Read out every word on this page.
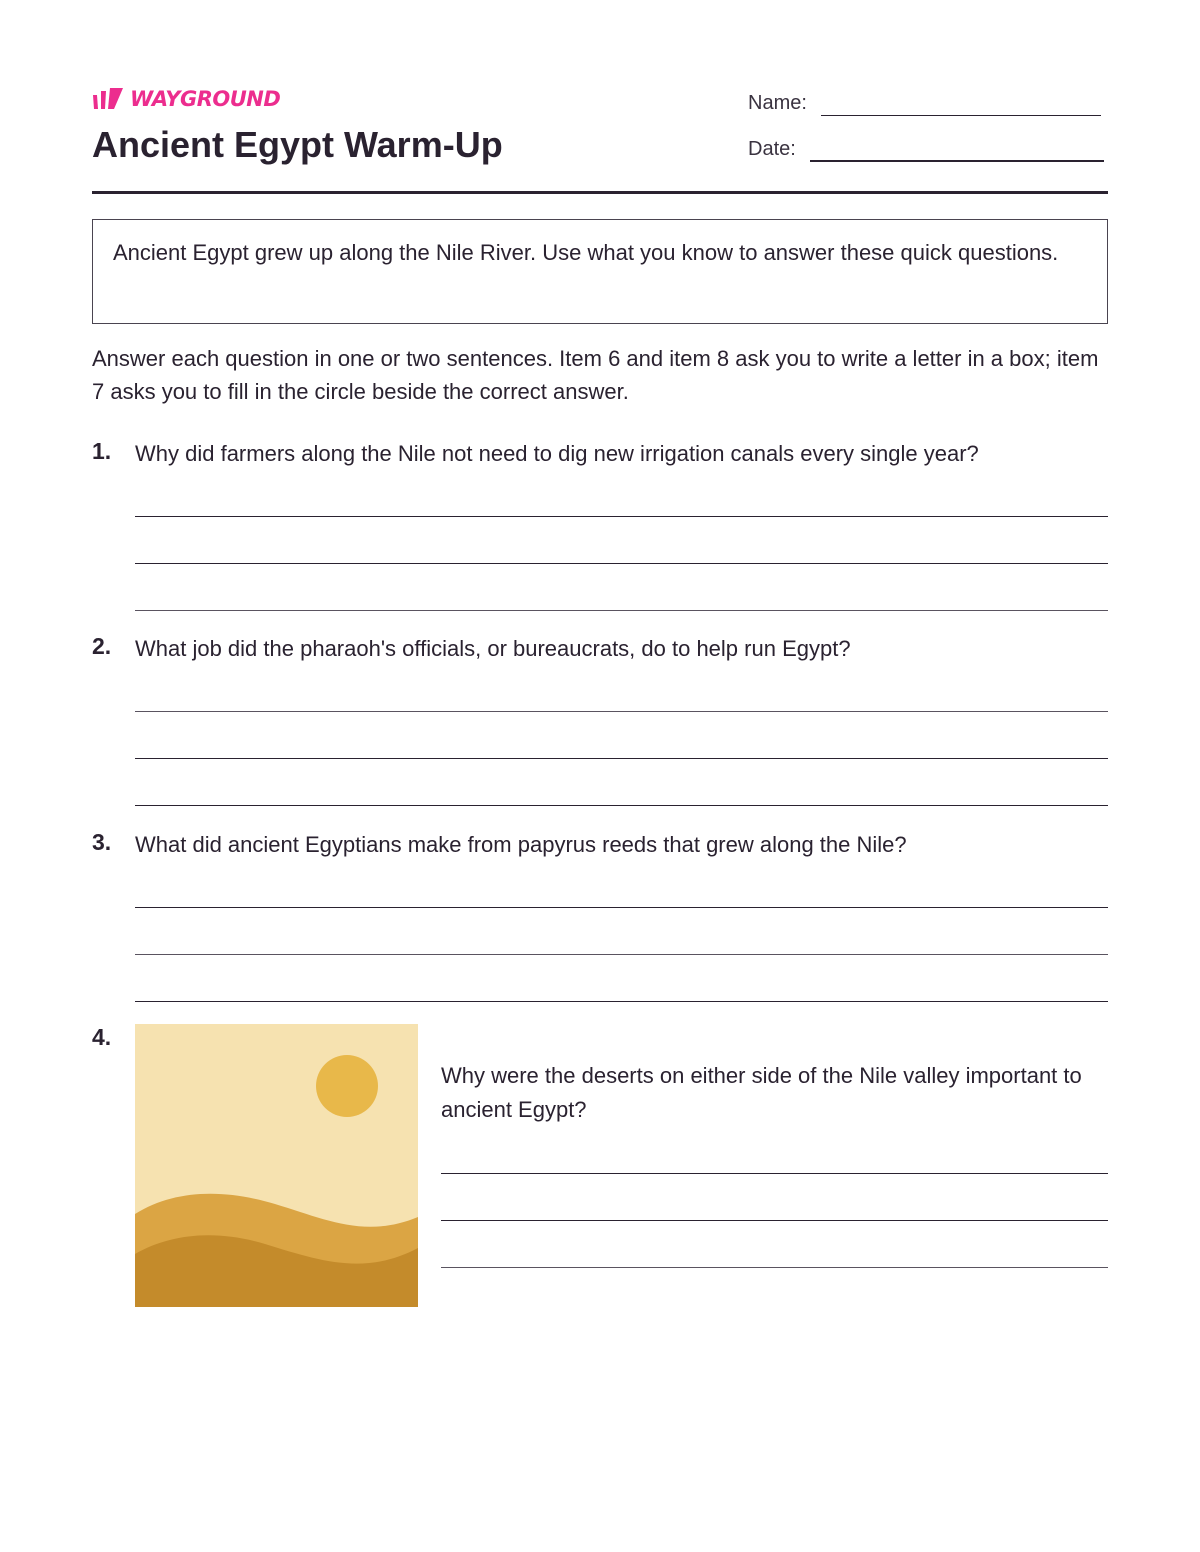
WAYGROUND
Ancient Egypt Warm-Up
Name:
Date:
Ancient Egypt grew up along the Nile River. Use what you know to answer these quick questions.

Answer each question in one or two sentences. Item 6 and item 8 ask you to write a letter in a box; item 7 asks you to fill in the circle beside the correct answer.

1. Why did farmers along the Nile not need to dig new irrigation canals every single year?
2. What job did the pharaoh's officials, or bureaucrats, do to help run Egypt?
3. What did ancient Egyptians make from papyrus reeds that grew along the Nile?
4.

Why were the deserts on either side of the Nile valley important to ancient Egypt?
